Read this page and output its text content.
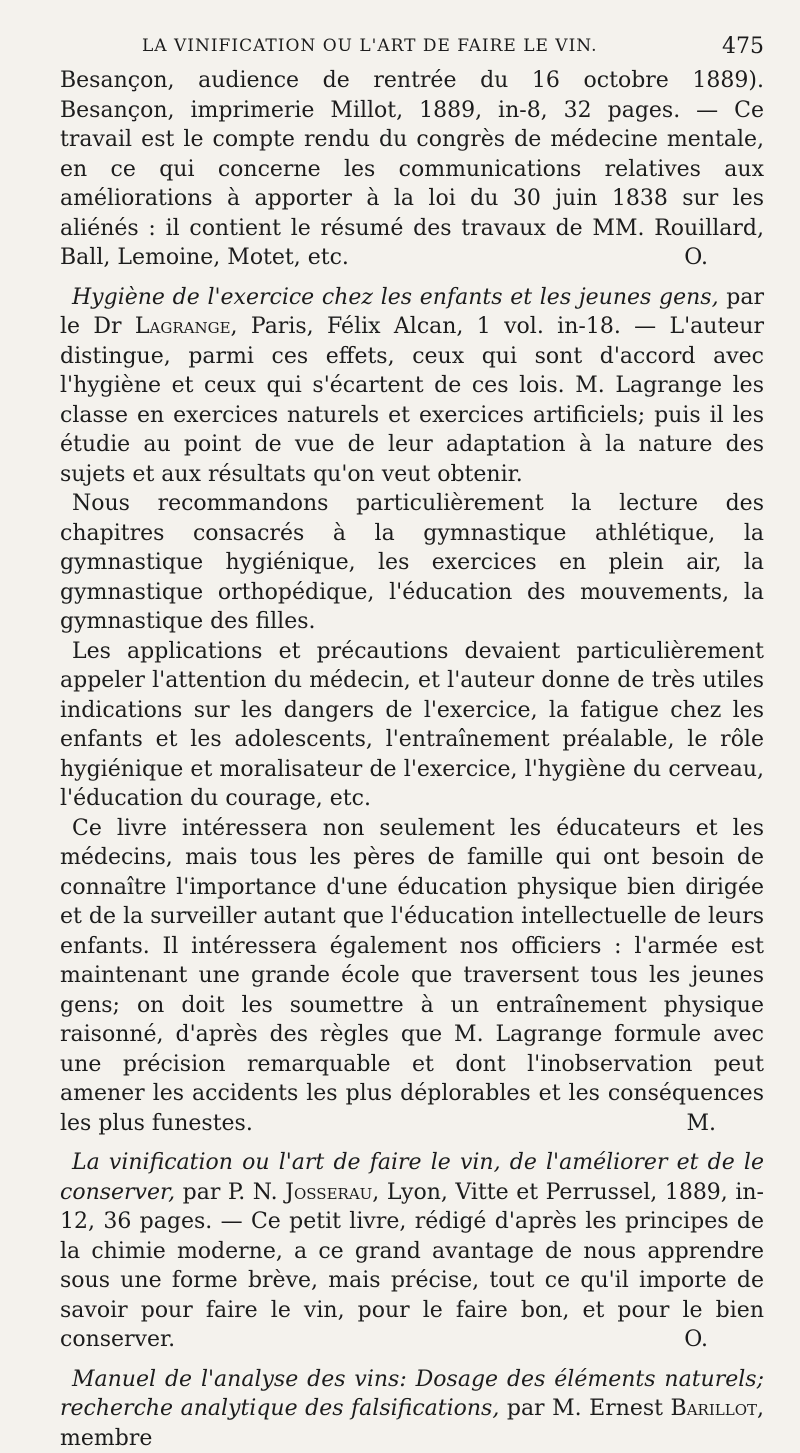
LA VINIFICATION OU L'ART DE FAIRE LE VIN.	475

Besançon, audience de rentrée du 16 octobre 1889). Besançon, imprimerie Millot, 1889, in-8, 32 pages. — Ce travail est le compte rendu du congrès de médecine mentale, en ce qui concerne les communications relatives aux améliorations à apporter à la loi du 30 juin 1838 sur les aliénés : il contient le résumé des travaux de MM. Rouillard, Ball, Lemoine, Motet, etc.	O.

Hygiène de l'exercice chez les enfants et les jeunes gens, par le Dr Lagrange, Paris, Félix Alcan, 1 vol. in-18. — L'auteur distingue, parmi ces effets, ceux qui sont d'accord avec l'hygiène et ceux qui s'écartent de ces lois. M. Lagrange les classe en exercices naturels et exercices artificiels; puis il les étudie au point de vue de leur adaptation à la nature des sujets et aux résultats qu'on veut obtenir.

Nous recommandons particulièrement la lecture des chapitres consacrés à la gymnastique athlétique, la gymnastique hygiénique, les exercices en plein air, la gymnastique orthopédique, l'éducation des mouvements, la gymnastique des filles.

Les applications et précautions devaient particulièrement appeler l'attention du médecin, et l'auteur donne de très utiles indications sur les dangers de l'exercice, la fatigue chez les enfants et les adolescents, l'entraînement préalable, le rôle hygiénique et moralisateur de l'exercice, l'hygiène du cerveau, l'éducation du courage, etc.

Ce livre intéressera non seulement les éducateurs et les médecins, mais tous les pères de famille qui ont besoin de connaître l'importance d'une éducation physique bien dirigée et de la surveiller autant que l'éducation intellectuelle de leurs enfants. Il intéressera également nos officiers : l'armée est maintenant une grande école que traversent tous les jeunes gens; on doit les soumettre à un entraînement physique raisonné, d'après des règles que M. Lagrange formule avec une précision remarquable et dont l'inobservation peut amener les accidents les plus déplorables et les conséquences les plus funestes.	M.

La vinification ou l'art de faire le vin, de l'améliorer et de le conserver, par P. N. Josserau, Lyon, Vitte et Perrussel, 1889, in-12, 36 pages. — Ce petit livre, rédigé d'après les principes de la chimie moderne, a ce grand avantage de nous apprendre sous une forme brève, mais précise, tout ce qu'il importe de savoir pour faire le vin, pour le faire bon, et pour le bien conserver.	O.

Manuel de l'analyse des vins: Dosage des éléments naturels; recherche analytique des falsifications, par M. Ernest Barillot, membre
